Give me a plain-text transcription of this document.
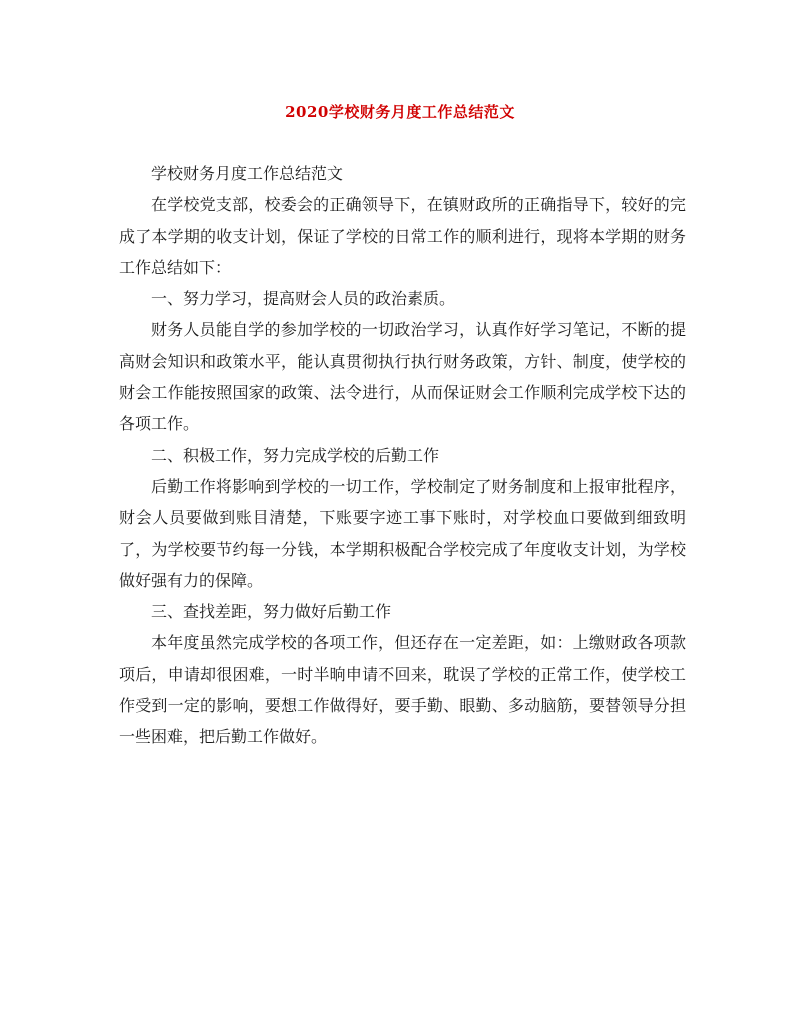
2020学校财务月度工作总结范文

学校财务月度工作总结范文

在学校党支部，校委会的正确领导下，在镇财政所的正确指导下，较好的完成了本学期的收支计划，保证了学校的日常工作的顺利进行，现将本学期的财务工作总结如下：

一、努力学习，提高财会人员的政治素质。

财务人员能自学的参加学校的一切政治学习，认真作好学习笔记，不断的提高财会知识和政策水平，能认真贯彻执行执行财务政策，方针、制度，使学校的财会工作能按照国家的政策、法令进行，从而保证财会工作顺利完成学校下达的各项工作。

二、积极工作，努力完成学校的后勤工作

后勤工作将影响到学校的一切工作，学校制定了财务制度和上报审批程序，财会人员要做到账目清楚，下账要字迹工事下账时，对学校血口要做到细致明了，为学校要节约每一分钱，本学期积极配合学校完成了年度收支计划，为学校做好强有力的保障。

三、查找差距，努力做好后勤工作

本年度虽然完成学校的各项工作，但还存在一定差距，如：上缴财政各项款项后，申请却很困难，一时半晌申请不回来，耽误了学校的正常工作，使学校工作受到一定的影响，要想工作做得好，要手勤、眼勤、多动脑筋，要替领导分担一些困难，把后勤工作做好。
